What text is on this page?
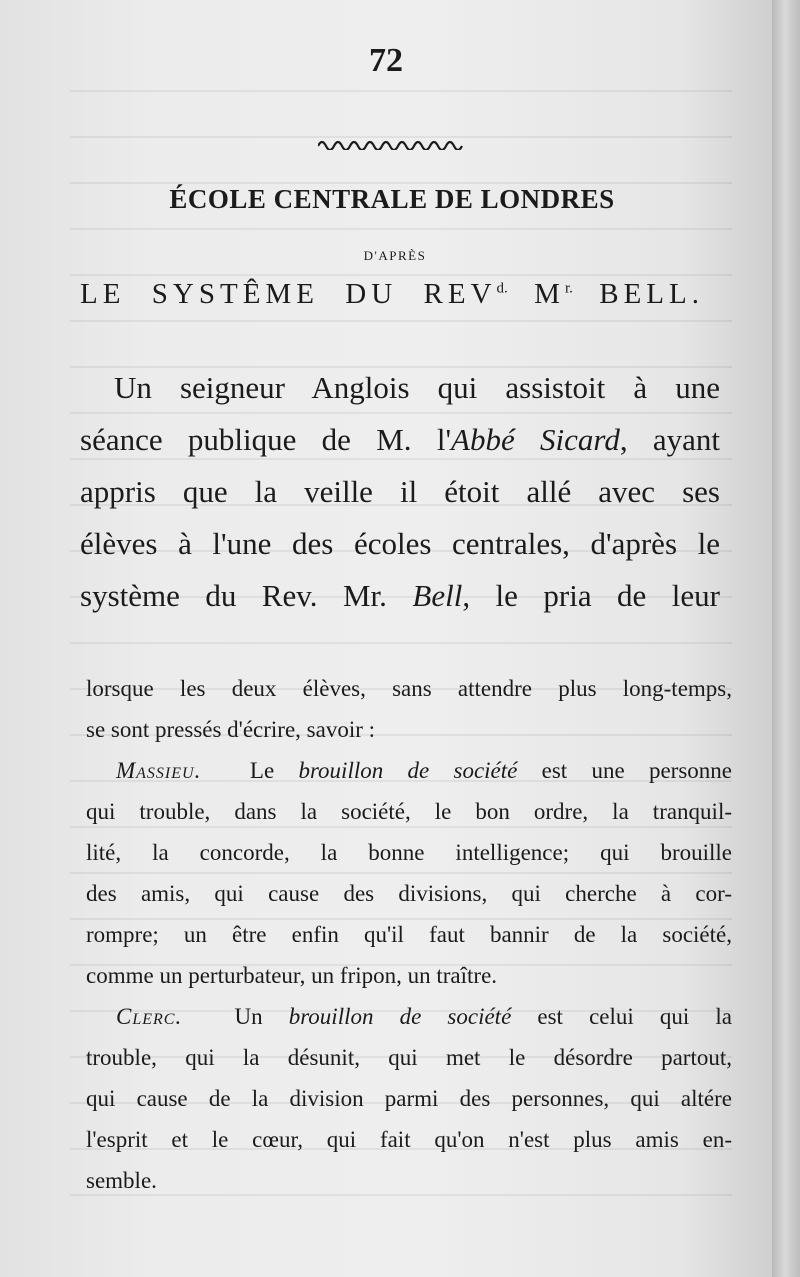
72
ÉCOLE CENTRALE DE LONDRES
D'APRÈS
LE SYSTÊME DU $REV^{d.}$ $M^{r.}$ BELL.
Un seigneur Anglois qui assistoit à une
séance publique de M. l'Abbé Sicard, ayant
appris que la veille il étoit allé avec ses
élèves à l'une des écoles centrales, d'après le
système du Rev. Mr. Bell, le pria de leur
lorsque les deux élèves, sans attendre plus long-temps,
se sont pressés d'écrire, savoir :
Massieu. Le brouillon de société est une personne
qui trouble, dans la société, le bon ordre, la tranquil-
lité, la concorde, la bonne intelligence; qui brouille
des amis, qui cause des divisions, qui cherche à cor-
rompre; un être enfin qu'il faut bannir de la société,
comme un perturbateur, un fripon, un traître.
Clerc. Un brouillon de société est celui qui la
trouble, qui la désunit, qui met le désordre partout,
qui cause de la division parmi des personnes, qui altére
l'esprit et le cœur, qui fait qu'on n'est plus amis en-
semble.
